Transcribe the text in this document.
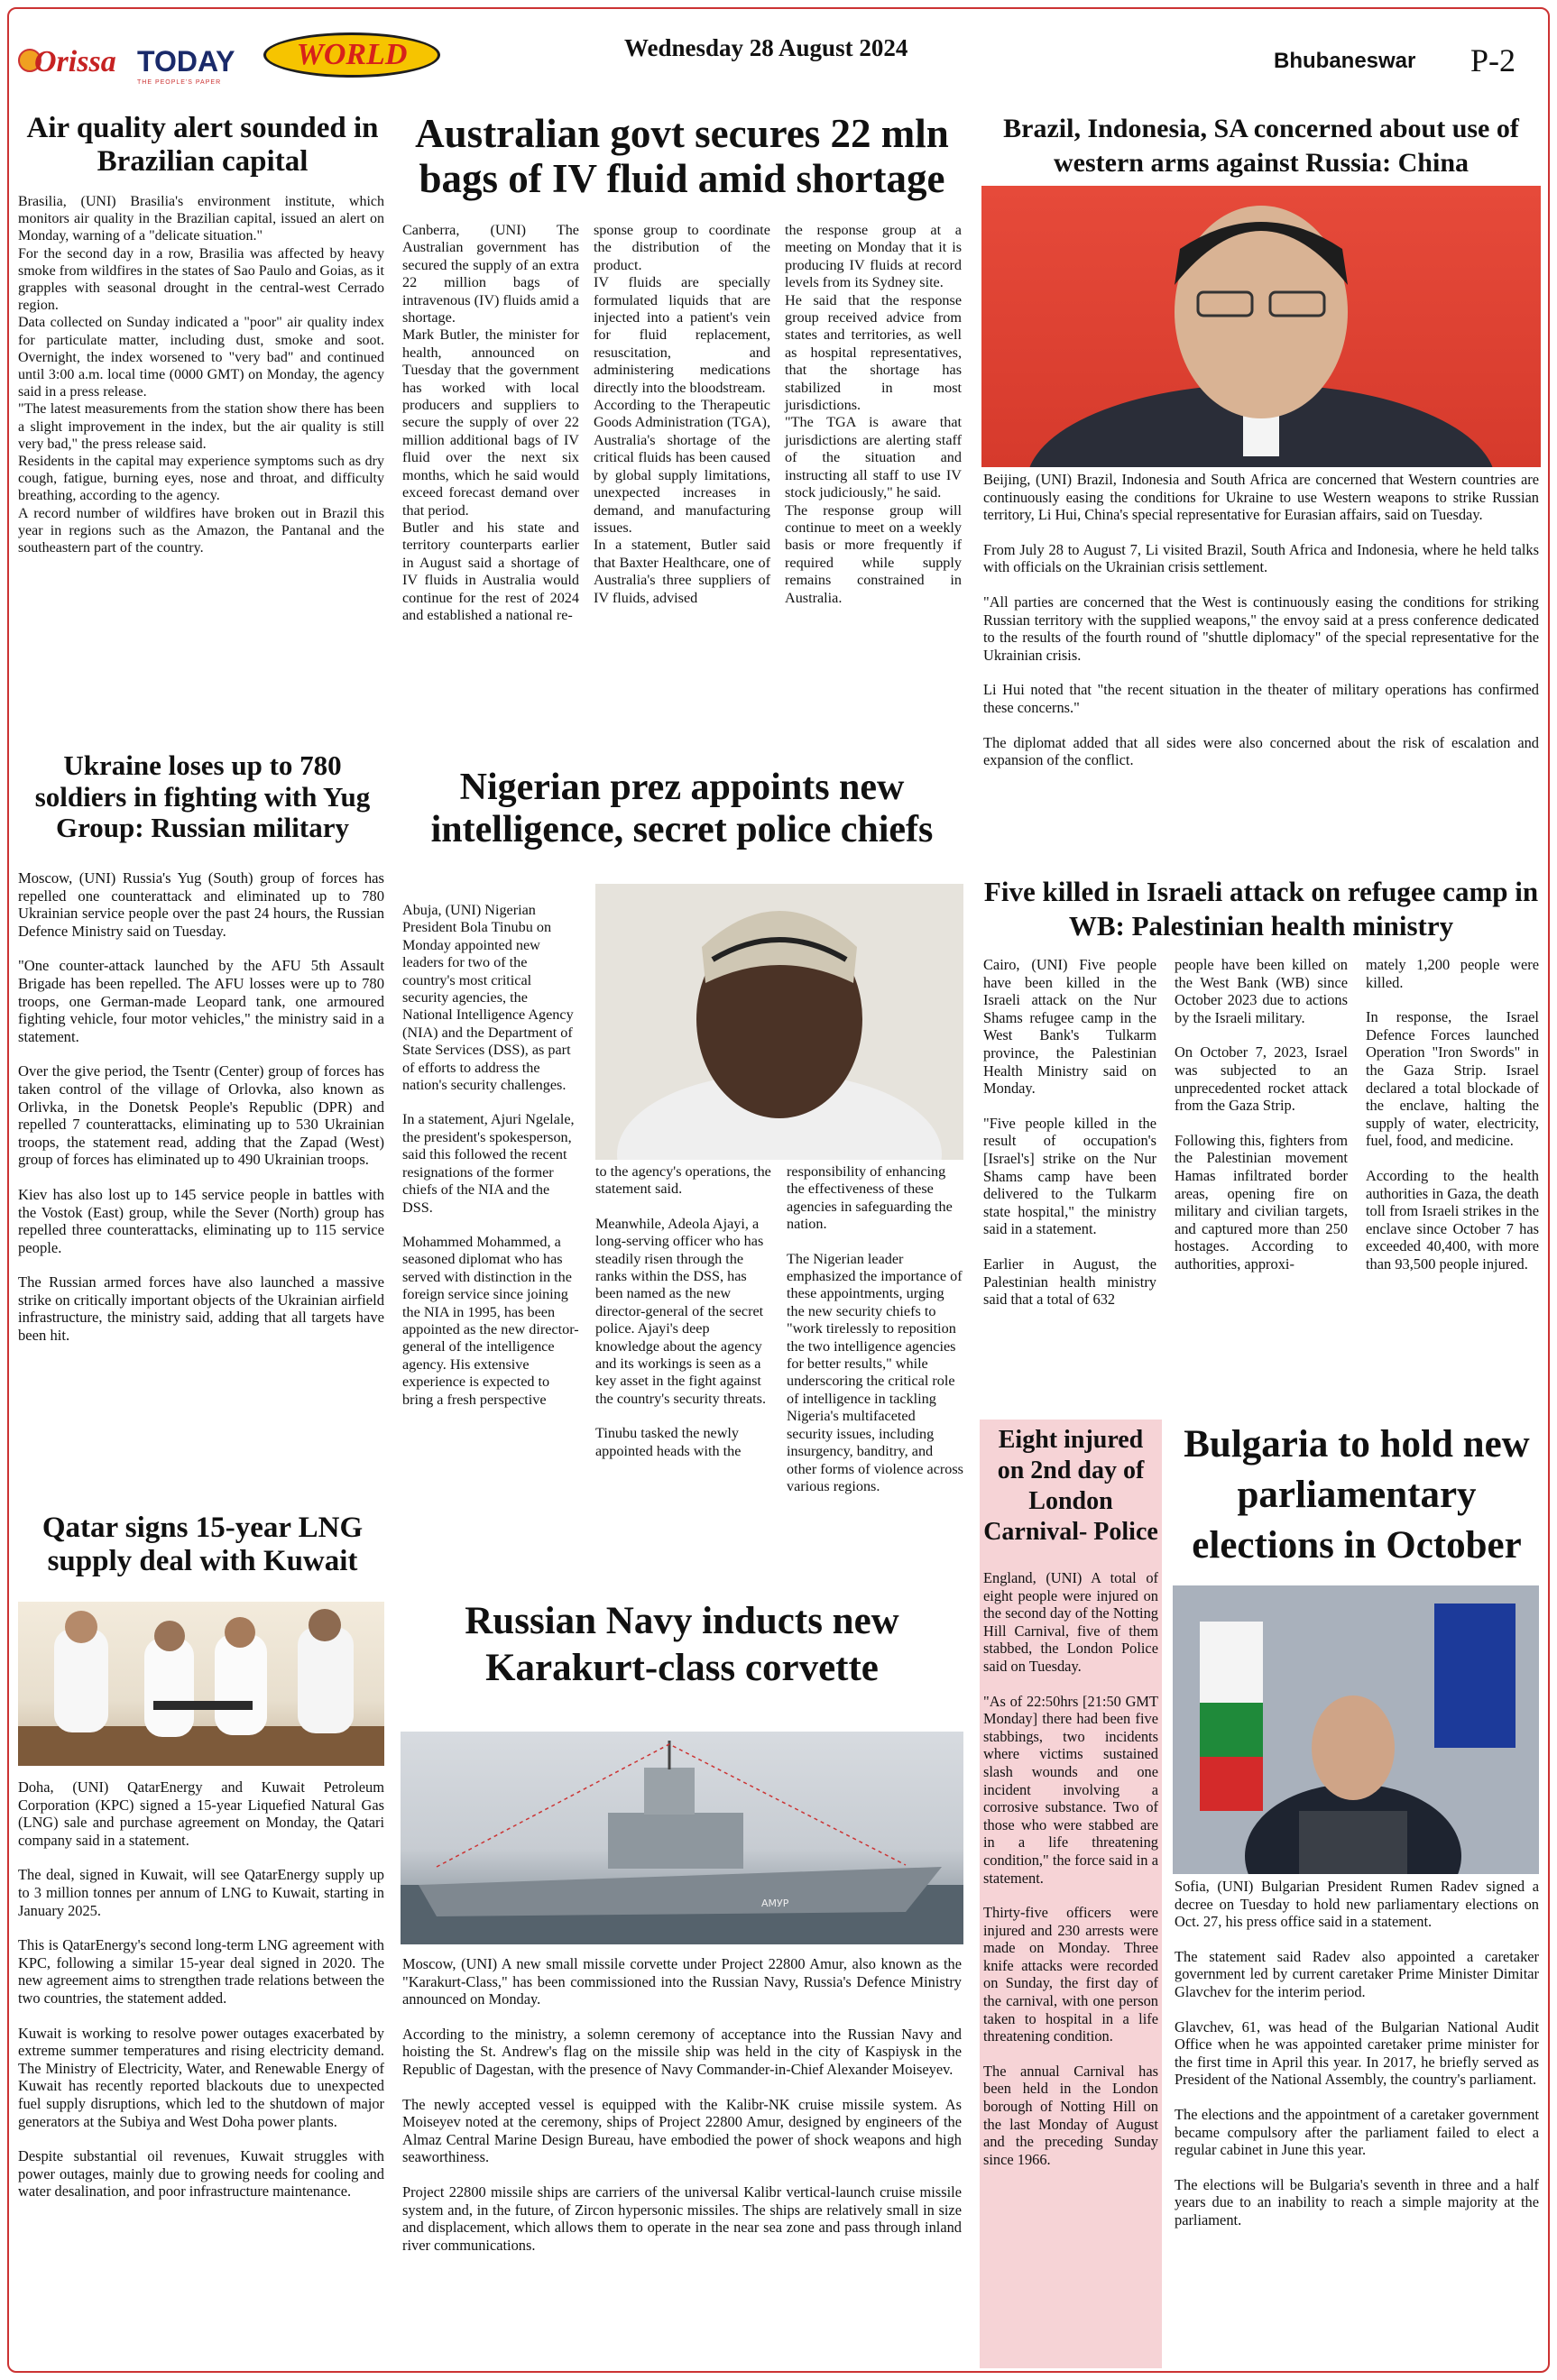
Orissa TODAY
THE PEOPLE'S PAPER
WORLD	Wednesday 28 August 2024	Bhubaneswar P-2
Air quality alert sounded in Brazilian capital

Brasilia, (UNI) Brasilia's environment institute, which monitors air quality in the Brazilian capital, issued an alert on Monday, warning of a "delicate situation."
For the second day in a row, Brasilia was affected by heavy smoke from wildfires in the states of Sao Paulo and Goias, as it grapples with seasonal drought in the central-west Cerrado region.
Data collected on Sunday indicated a "poor" air quality index for particulate matter, including dust, smoke and soot. Overnight, the index worsened to "very bad" and continued until 3:00 a.m. local time (0000 GMT) on Monday, the agency said in a press release.
"The latest measurements from the station show there has been a slight improvement in the index, but the air quality is still very bad," the press release said.
Residents in the capital may experience symptoms such as dry cough, fatigue, burning eyes, nose and throat, and difficulty breathing, according to the agency.
A record number of wildfires have broken out in Brazil this year in regions such as the Amazon, the Pantanal and the southeastern part of the country.

Ukraine loses up to 780 soldiers in fighting with Yug Group: Russian military

Moscow, (UNI) Russia's Yug (South) group of forces has repelled one counterattack and eliminated up to 780 Ukrainian service people over the past 24 hours, the Russian Defence Ministry said on Tuesday.

"One counter-attack launched by the AFU 5th Assault Brigade has been repelled. The AFU losses were up to 780 troops, one German-made Leopard tank, one armoured fighting vehicle, four motor vehicles," the ministry said in a statement.

Over the give period, the Tsentr (Center) group of forces has taken control of the village of Orlovka, also known as Orlivka, in the Donetsk People's Republic (DPR) and repelled 7 counterattacks, eliminating up to 530 Ukrainian troops, the statement read, adding that the Zapad (West) group of forces has eliminated up to 490 Ukrainian troops.

Kiev has also lost up to 145 service people in battles with the Vostok (East) group, while the Sever (North) group has repelled three counterattacks, eliminating up to 115 service people.

The Russian armed forces have also launched a massive strike on critically important objects of the Ukrainian airfield infrastructure, the ministry said, adding that all targets have been hit.

Qatar signs 15-year LNG supply deal with Kuwait

Doha, (UNI) QatarEnergy and Kuwait Petroleum Corporation (KPC) signed a 15-year Liquefied Natural Gas (LNG) sale and purchase agreement on Monday, the Qatari company said in a statement.

The deal, signed in Kuwait, will see QatarEnergy supply up to 3 million tonnes per annum of LNG to Kuwait, starting in January 2025.

This is QatarEnergy's second long-term LNG agreement with KPC, following a similar 15-year deal signed in 2020. The new agreement aims to strengthen trade relations between the two countries, the statement added.

Kuwait is working to resolve power outages exacerbated by extreme summer temperatures and rising electricity demand. The Ministry of Electricity, Water, and Renewable Energy of Kuwait has recently reported blackouts due to unexpected fuel supply disruptions, which led to the shutdown of major generators at the Subiya and West Doha power plants.

Despite substantial oil revenues, Kuwait struggles with power outages, mainly due to growing needs for cooling and water desalination, and poor infrastructure maintenance.

Australian govt secures 22 mln bags of IV fluid amid shortage

Canberra, (UNI) The Australian government has secured the supply of an extra 22 million bags of intravenous (IV) fluids amid a shortage.
Mark Butler, the minister for health, announced on Tuesday that the government has worked with local producers and suppliers to secure the supply of over 22 million additional bags of IV fluid over the next six months, which he said would exceed forecast demand over that period.
Butler and his state and territory counterparts earlier in August said a shortage of IV fluids in Australia would continue for the rest of 2024 and established a national re-

sponse group to coordinate the distribution of the product.
IV fluids are specially formulated liquids that are injected into a patient's vein for fluid replacement, resuscitation, and administering medications directly into the bloodstream.
According to the Therapeutic Goods Administration (TGA), Australia's shortage of the critical fluids has been caused by global supply limitations, unexpected increases in demand, and manufacturing issues.
In a statement, Butler said that Baxter Healthcare, one of Australia's three suppliers of IV fluids, advised

the response group at a meeting on Monday that it is producing IV fluids at record levels from its Sydney site.
He said that the response group received advice from states and territories, as well as hospital representatives, that the shortage has stabilized in most jurisdictions.
"The TGA is aware that jurisdictions are alerting staff of the situation and instructing all staff to use IV stock judiciously," he said.
The response group will continue to meet on a weekly basis or more frequently if required while supply remains constrained in Australia.

Nigerian prez appoints new intelligence, secret police chiefs

Abuja, (UNI) Nigerian President Bola Tinubu on Monday appointed new leaders for two of the country's most critical security agencies, the National Intelligence Agency (NIA) and the Department of State Services (DSS), as part of efforts to address the nation's security challenges.

In a statement, Ajuri Ngelale, the president's spokesperson, said this followed the recent resignations of the former chiefs of the NIA and the DSS.

Mohammed Mohammed, a seasoned diplomat who has served with distinction in the foreign service since joining the NIA in 1995, has been appointed as the new director-general of the intelligence agency. His extensive experience is expected to bring a fresh perspective

to the agency's operations, the statement said.

Meanwhile, Adeola Ajayi, a long-serving officer who has steadily risen through the ranks within the DSS, has been named as the new director-general of the secret police. Ajayi's deep knowledge about the agency and its workings is seen as a key asset in the fight against the country's security threats.

Tinubu tasked the newly appointed heads with the

responsibility of enhancing the effectiveness of these agencies in safeguarding the nation.

The Nigerian leader emphasized the importance of these appointments, urging the new security chiefs to "work tirelessly to reposition the two intelligence agencies for better results," while underscoring the critical role of intelligence in tackling Nigeria's multifaceted security issues, including insurgency, banditry, and other forms of violence across various regions.

Russian Navy inducts new Karakurt-class corvette
АМУР

Moscow, (UNI) A new small missile corvette under Project 22800 Amur, also known as the "Karakurt-Class," has been commissioned into the Russian Navy, Russia's Defence Ministry announced on Monday.

According to the ministry, a solemn ceremony of acceptance into the Russian Navy and hoisting the St. Andrew's flag on the missile ship was held in the city of Kaspiysk in the Republic of Dagestan, with the presence of Navy Commander-in-Chief Alexander Moiseyev.

The newly accepted vessel is equipped with the Kalibr-NK cruise missile system. As Moiseyev noted at the ceremony, ships of Project 22800 Amur, designed by engineers of the Almaz Central Marine Design Bureau, have embodied the power of shock weapons and high seaworthiness.

Project 22800 missile ships are carriers of the universal Kalibr vertical-launch cruise missile system and, in the future, of Zircon hypersonic missiles. The ships are relatively small in size and displacement, which allows them to operate in the near sea zone and pass through inland river communications.

Brazil, Indonesia, SA concerned about use of western arms against Russia: China

Beijing, (UNI) Brazil, Indonesia and South Africa are concerned that Western countries are continuously easing the conditions for Ukraine to use Western weapons to strike Russian territory, Li Hui, China's special representative for Eurasian affairs, said on Tuesday.

From July 28 to August 7, Li visited Brazil, South Africa and Indonesia, where he held talks with officials on the Ukrainian crisis settlement.

"All parties are concerned that the West is continuously easing the conditions for striking Russian territory with the supplied weapons," the envoy said at a press conference dedicated to the results of the fourth round of "shuttle diplomacy" of the special representative for the Ukrainian crisis.

Li Hui noted that "the recent situation in the theater of military operations has confirmed these concerns."

The diplomat added that all sides were also concerned about the risk of escalation and expansion of the conflict.

Five killed in Israeli attack on refugee camp in WB: Palestinian health ministry

Cairo, (UNI) Five people have been killed in the Israeli attack on the Nur Shams refugee camp in the West Bank's Tulkarm province, the Palestinian Health Ministry said on Monday.

"Five people killed in the result of occupation's [Israel's] strike on the Nur Shams camp have been delivered to the Tulkarm state hospital," the ministry said in a statement.

Earlier in August, the Palestinian health ministry said that a total of 632

people have been killed on the West Bank (WB) since October 2023 due to actions by the Israeli military.

On October 7, 2023, Israel was subjected to an unprecedented rocket attack from the Gaza Strip.

Following this, fighters from the Palestinian movement Hamas infiltrated border areas, opening fire on military and civilian targets, and captured more than 250 hostages. According to authorities, approxi-

mately 1,200 people were killed.

In response, the Israel Defence Forces launched Operation "Iron Swords" in the Gaza Strip. Israel declared a total blockade of the enclave, halting the supply of water, electricity, fuel, food, and medicine.

According to the health authorities in Gaza, the death toll from Israeli strikes in the enclave since October 7 has exceeded 40,400, with more than 93,500 people injured.

Eight injured on 2nd day of London Carnival- Police

England, (UNI) A total of eight people were injured on the second day of the Notting Hill Carnival, five of them stabbed, the London Police said on Tuesday.

"As of 22:50hrs [21:50 GMT Monday] there had been five stabbings, two incidents where victims sustained slash wounds and one incident involving a corrosive substance. Two of those who were stabbed are in a life threatening condition," the force said in a statement.

Thirty-five officers were injured and 230 arrests were made on Monday. Three knife attacks were recorded on Sunday, the first day of the carnival, with one person taken to hospital in a life threatening condition.

The annual Carnival has been held in the London borough of Notting Hill on the last Monday of August and the preceding Sunday since 1966.

Bulgaria to hold new parliamentary elections in October

Sofia, (UNI) Bulgarian President Rumen Radev signed a decree on Tuesday to hold new parliamentary elections on Oct. 27, his press office said in a statement.

The statement said Radev also appointed a caretaker government led by current caretaker Prime Minister Dimitar Glavchev for the interim period.

Glavchev, 61, was head of the Bulgarian National Audit Office when he was appointed caretaker prime minister for the first time in April this year. In 2017, he briefly served as President of the National Assembly, the country's parliament.

The elections and the appointment of a caretaker government became compulsory after the parliament failed to elect a regular cabinet in June this year.

The elections will be Bulgaria's seventh in three and a half years due to an inability to reach a simple majority at the parliament.
